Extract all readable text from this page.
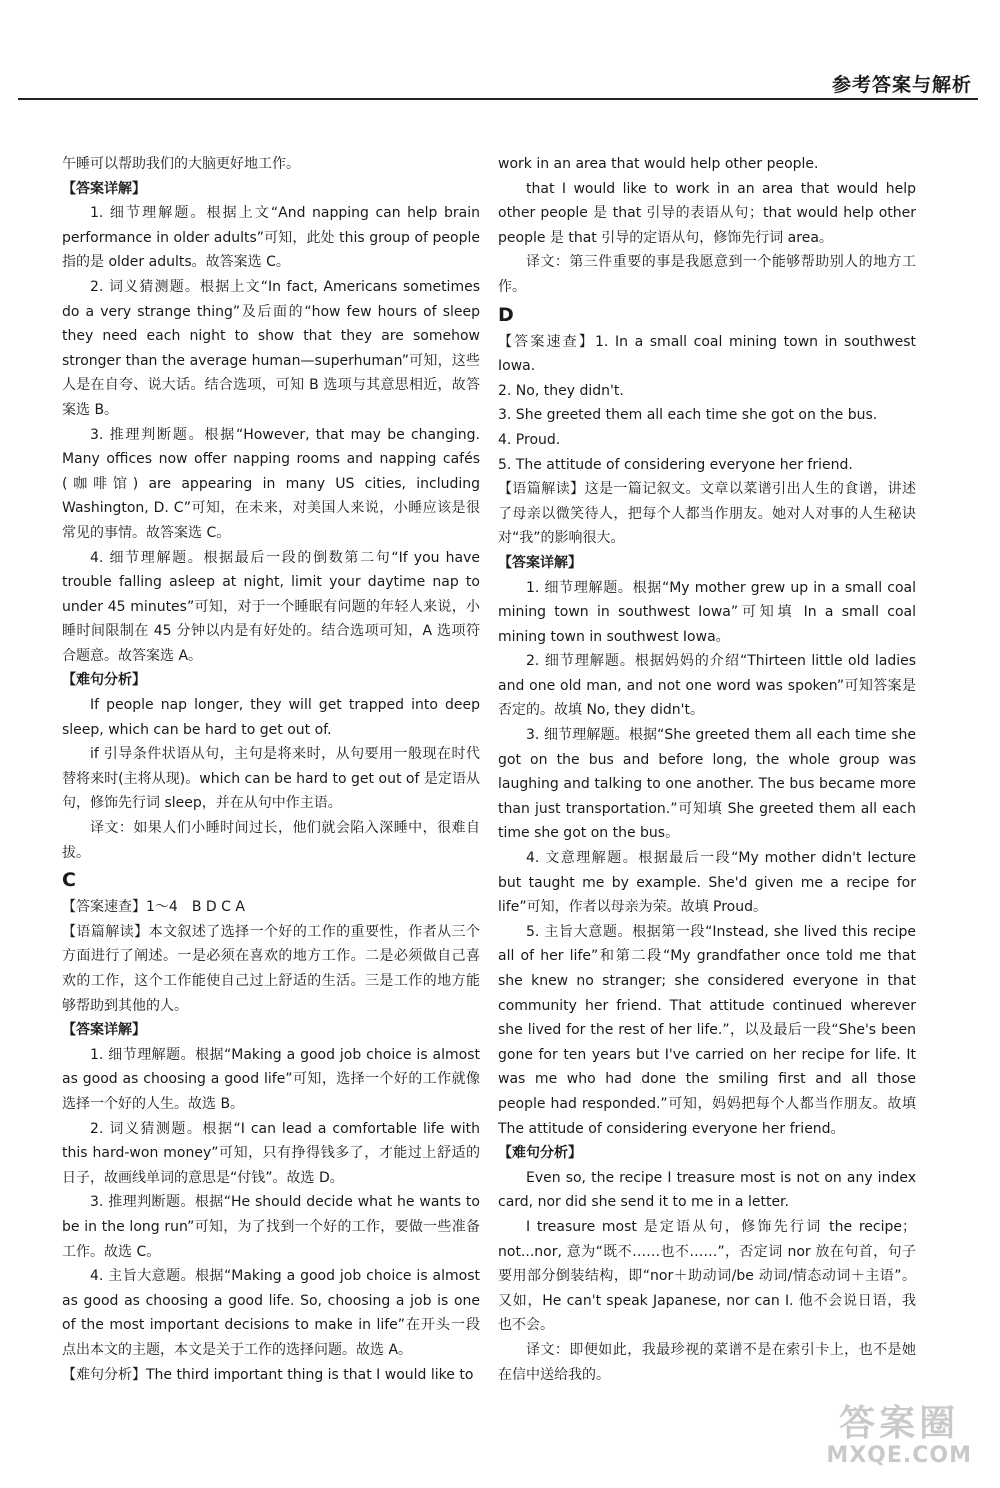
参考答案与解析

午睡可以帮助我们的大脑更好地工作。

【答案详解】

1. 细节理解题。根据上文“And napping can help brain performance in older adults”可知，此处 this group of people 指的是 older adults。故答案选 C。

2. 词义猜测题。根据上文“In fact, Americans sometimes do a very strange thing”及后面的“how few hours of sleep they need each night to show that they are somehow stronger than the average human—superhuman”可知，这些人是在自夸、说大话。结合选项，可知 B 选项与其意思相近，故答案选 B。

3. 推理判断题。根据“However, that may be changing. Many offices now offer napping rooms and napping cafés (咖啡馆) are appearing in many US cities, including Washington, D. C”可知，在未来，对美国人来说，小睡应该是很常见的事情。故答案选 C。

4. 细节理解题。根据最后一段的倒数第二句“If you have trouble falling asleep at night, limit your daytime nap to under 45 minutes”可知，对于一个睡眠有问题的年轻人来说，小睡时间限制在 45 分钟以内是有好处的。结合选项可知，A 选项符合题意。故答案选 A。

【难句分析】

If people nap longer, they will get trapped into deep sleep, which can be hard to get out of.

if 引导条件状语从句，主句是将来时，从句要用一般现在时代替将来时(主将从现)。which can be hard to get out of 是定语从句，修饰先行词 sleep，并在从句中作主语。

译文：如果人们小睡时间过长，他们就会陷入深睡中，很难自拔。

C

【答案速查】1～4　B D C A

【语篇解读】本文叙述了选择一个好的工作的重要性，作者从三个方面进行了阐述。一是必须在喜欢的地方工作。二是必须做自己喜欢的工作，这个工作能使自己过上舒适的生活。三是工作的地方能够帮助到其他的人。

【答案详解】

1. 细节理解题。根据“Making a good job choice is almost as good as choosing a good life”可知，选择一个好的工作就像选择一个好的人生。故选 B。

2. 词义猜测题。根据“I can lead a comfortable life with this hard-won money”可知，只有挣得钱多了，才能过上舒适的日子，故画线单词的意思是“付钱”。故选 D。

3. 推理判断题。根据“He should decide what he wants to be in the long run”可知，为了找到一个好的工作，要做一些准备工作。故选 C。

4. 主旨大意题。根据“Making a good job choice is almost as good as choosing a good life. So, choosing a job is one of the most important decisions to make in life”在开头一段点出本文的主题，本文是关于工作的选择问题。故选 A。

【难句分析】The third important thing is that I would like to

work in an area that would help other people.

that I would like to work in an area that would help other people 是 that 引导的表语从句；that would help other people 是 that 引导的定语从句，修饰先行词 area。

译文：第三件重要的事是我愿意到一个能够帮助别人的地方工作。

D

【答案速查】1. In a small coal mining town in southwest Iowa.

2. No, they didn't.

3. She greeted them all each time she got on the bus.

4. Proud.

5. The attitude of considering everyone her friend.

【语篇解读】这是一篇记叙文。文章以菜谱引出人生的食谱，讲述了母亲以微笑待人，把每个人都当作朋友。她对人对事的人生秘诀对“我”的影响很大。

【答案详解】

1. 细节理解题。根据“My mother grew up in a small coal mining town in southwest Iowa”可知填 In a small coal mining town in southwest Iowa。

2. 细节理解题。根据妈妈的介绍“Thirteen little old ladies and one old man, and not one word was spoken”可知答案是否定的。故填 No, they didn't。

3. 细节理解题。根据“She greeted them all each time she got on the bus and before long, the whole group was laughing and talking to one another. The bus became more than just transportation.”可知填 She greeted them all each time she got on the bus。

4. 文意理解题。根据最后一段“My mother didn't lecture but taught me by example. She'd given me a recipe for life”可知，作者以母亲为荣。故填 Proud。

5. 主旨大意题。根据第一段“Instead, she lived this recipe all of her life”和第二段“My grandfather once told me that she knew no stranger; she considered everyone in that community her friend. That attitude continued wherever she lived for the rest of her life.”，以及最后一段“She's been gone for ten years but I've carried on her recipe for life. It was me who had done the smiling first and all those people had responded.”可知，妈妈把每个人都当作朋友。故填 The attitude of considering everyone her friend。

【难句分析】

Even so, the recipe I treasure most is not on any index card, nor did she send it to me in a letter.

I treasure most 是定语从句，修饰先行词 the recipe；not...nor, 意为“既不……也不……”，否定词 nor 放在句首，句子要用部分倒装结构，即“nor＋助动词/be 动词/情态动词＋主语”。又如，He can't speak Japanese, nor can I. 他不会说日语，我也不会。

译文：即便如此，我最珍视的菜谱不是在索引卡上，也不是她在信中送给我的。

答案圈
MXQE.COM
